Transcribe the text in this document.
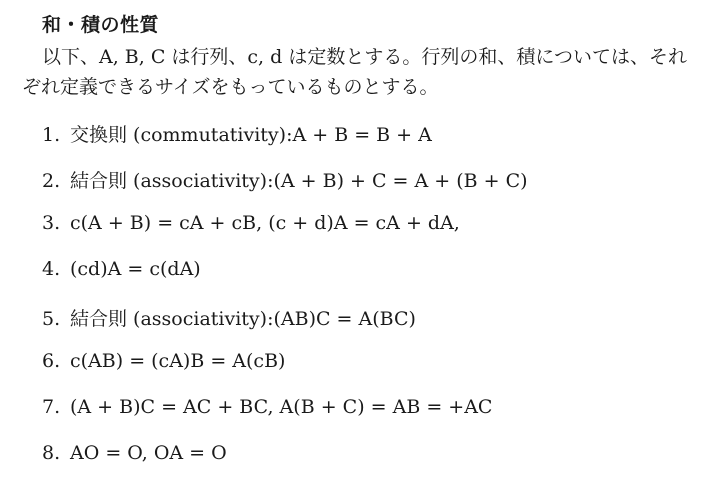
和・積の性質
以下、A, B, C は行列、c, d は定数とする。行列の和、積については、それ
ぞれ定義できるサイズをもっているものとする。
1. 交換則 (commutativity):A + B = B + A
2. 結合則 (associativity):(A + B) + C = A + (B + C)
3. c(A + B) = cA + cB, (c + d)A = cA + dA,
4. (cd)A = c(dA)
5. 結合則 (associativity):(AB)C = A(BC)
6. c(AB) = (cA)B = A(cB)
7. (A + B)C = AC + BC, A(B + C) = AB = +AC
8. AO = O, OA = O
